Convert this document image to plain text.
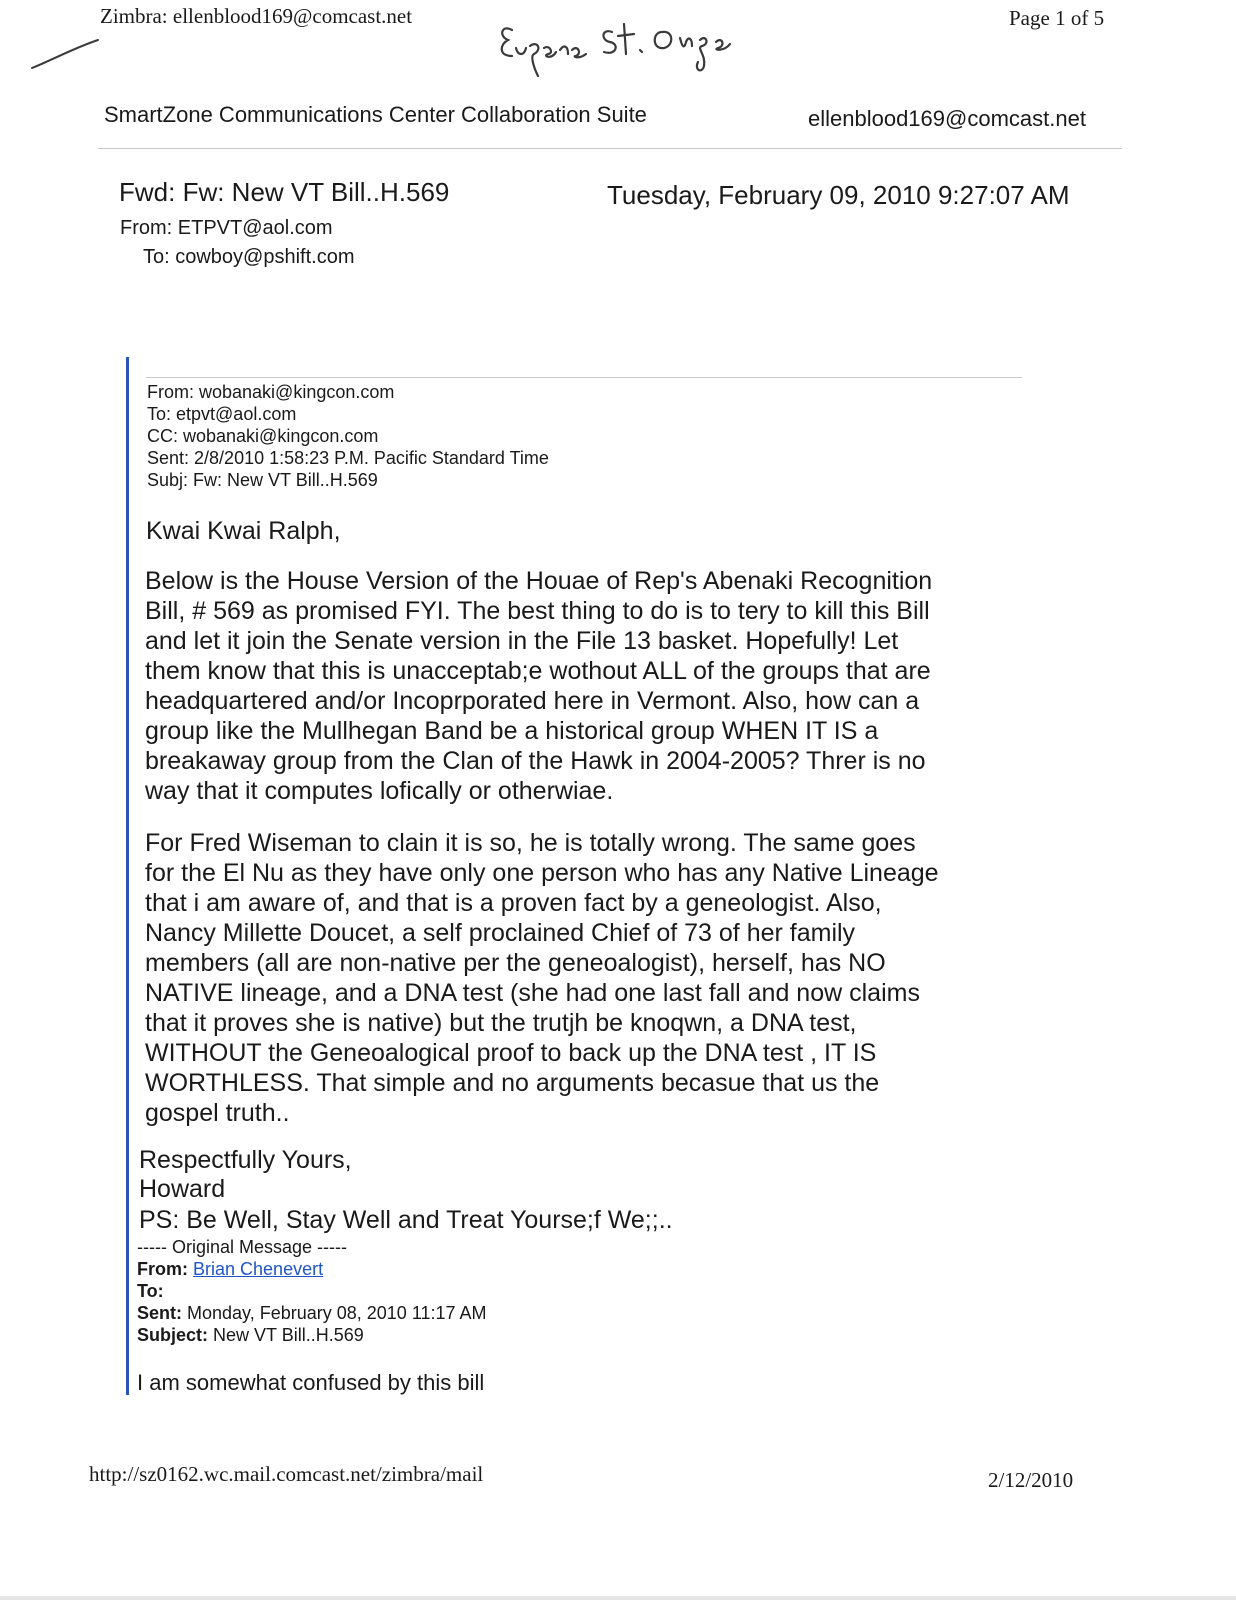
Zimbra: ellenblood169@comcast.net	Page 1 of 5
SmartZone Communications Center Collaboration Suite	ellenblood169@comcast.net
Fwd: Fw: New VT Bill..H.569	Tuesday, February 09, 2010 9:27:07 AM
From: ETPVT@aol.com
To: cowboy@pshift.com
From: wobanaki@kingcon.com
To: etpvt@aol.com
CC: wobanaki@kingcon.com
Sent: 2/8/2010 1:58:23 P.M. Pacific Standard Time
Subj: Fw: New VT Bill..H.569
Kwai Kwai Ralph,
Below is the House Version of the Houae of Rep's Abenaki Recognition
Bill, # 569 as promised FYI. The best thing to do is to tery to kill this Bill
and let it join the Senate version in the File 13 basket. Hopefully! Let
them know that this is unacceptab;e wothout ALL of the groups that are
headquartered and/or Incoprporated here in Vermont. Also, how can a
group like the Mullhegan Band be a historical group WHEN IT IS a
breakaway group from the Clan of the Hawk in 2004-2005? Threr is no
way that it computes lofically or otherwiae.
For Fred Wiseman to clain it is so, he is totally wrong. The same goes
for the El Nu as they have only one person who has any Native Lineage
that i am aware of, and that is a proven fact by a geneologist. Also,
Nancy Millette Doucet, a self proclained Chief of 73 of her family
members (all are non-native per the geneoalogist), herself, has NO
NATIVE lineage, and a DNA test (she had one last fall and now claims
that it proves she is native) but the trutjh be knoqwn, a DNA test,
WITHOUT the Geneoalogical proof to back up the DNA test , IT IS
WORTHLESS. That simple and no arguments becasue that us the
gospel truth..
Respectfully Yours,
Howard
PS: Be Well, Stay Well and Treat Yourse;f We;;..
----- Original Message -----
From: Brian Chenevert
To:
Sent: Monday, February 08, 2010 11:17 AM
Subject: New VT Bill..H.569
I am somewhat confused by this bill
http://sz0162.wc.mail.comcast.net/zimbra/mail	2/12/2010
